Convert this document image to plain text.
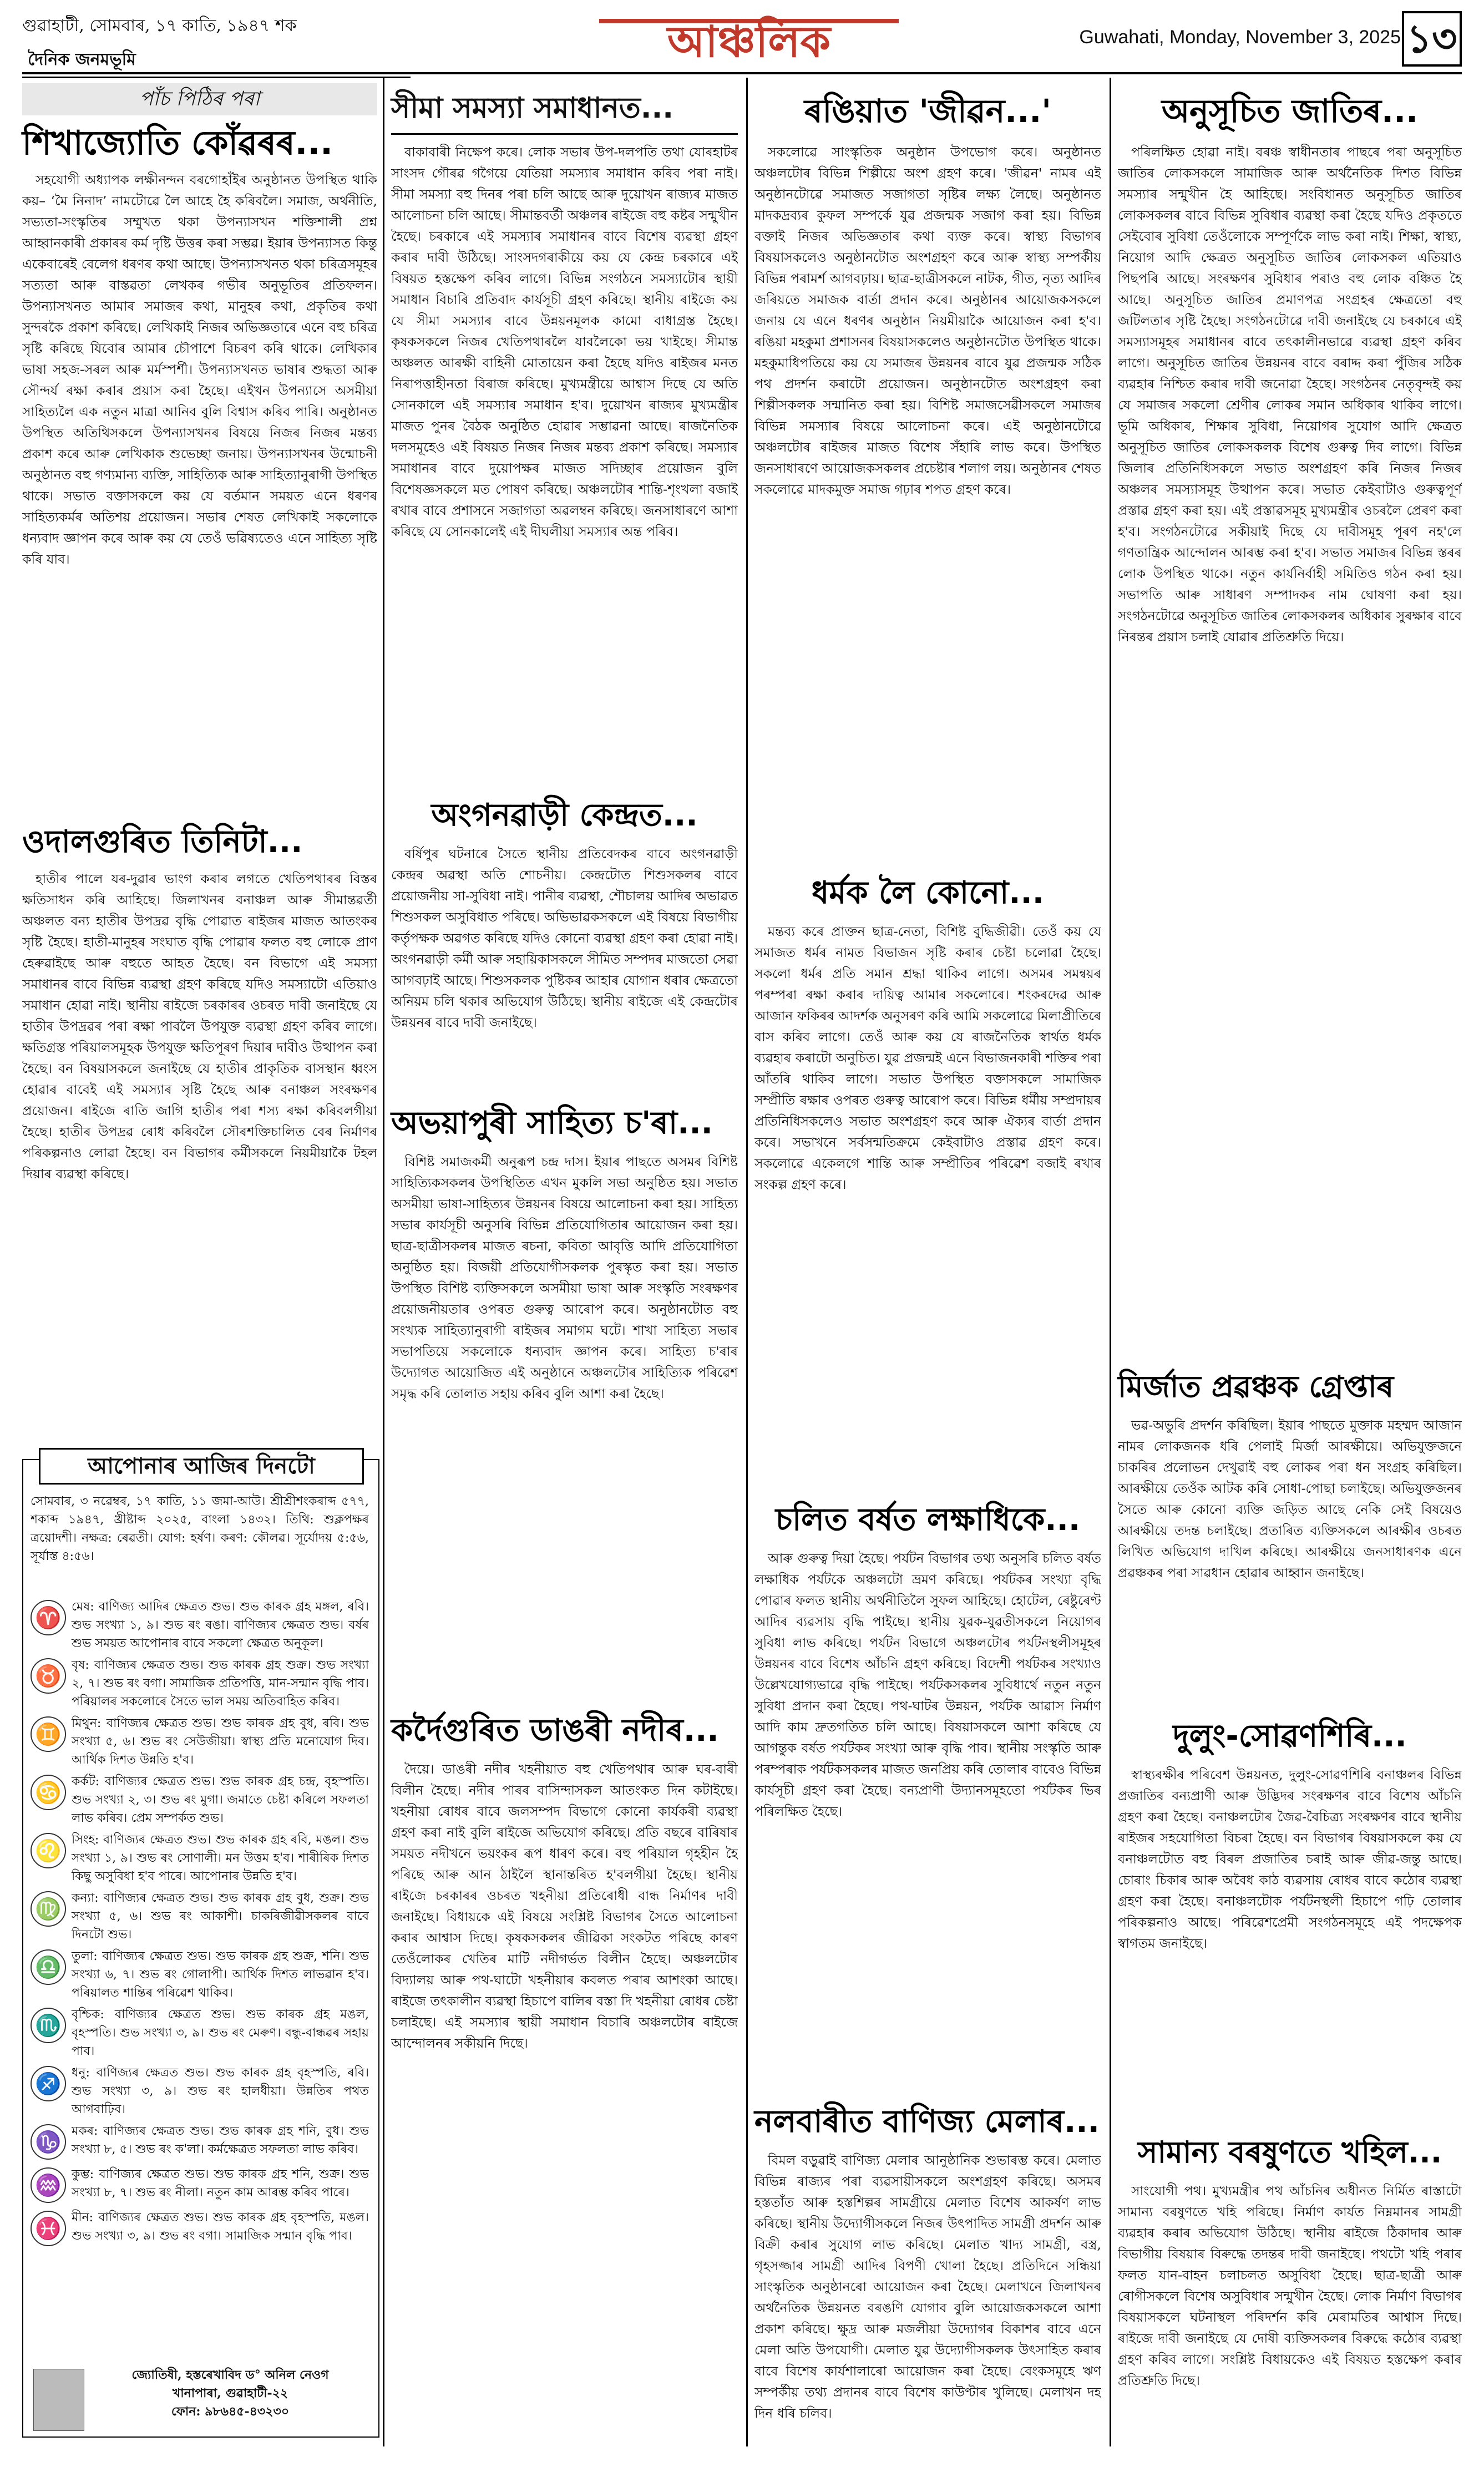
গুৱাহাটী, সোমবাৰ, ১৭ কাতি, ১৯৪৭ শক
দৈনিক জনমভূমি	আঞ্চলিক	Guwahati, Monday, November 3, 2025 ১৩
পাঁচ পিঠিৰ পৰা
শিখাজ্যোতি কোঁৱৰৰ...

সহযোগী অধ্যাপক লক্ষীনন্দন বৰগোহাঁইৰ অনুষ্ঠানত উপস্থিত থাকি কয়– ‘মৈ নিনাদ’ নামটোৱে লৈ আহে হৈ কৰিবলৈ। সমাজ, অৰ্থনীতি, সভ্যতা-সংস্কৃতিৰ সম্মুখত থকা উপন্যাসখন শক্তিশালী প্ৰশ্ন আহ্বানকাৰী প্ৰকাৰৰ কৰ্ম দৃষ্টি উত্তৰ কৰা সম্ভৱ। ইয়াৰ উপন্যাসত কিন্তু একেবাৰেই বেলেগ ধৰণৰ কথা আছে। উপন্যাসখনত থকা চৰিত্ৰসমূহৰ সত্যতা আৰু বাস্তৱতা লেখকৰ গভীৰ অনুভূতিৰ প্ৰতিফলন। উপন্যাসখনত আমাৰ সমাজৰ কথা, মানুহৰ কথা, প্ৰকৃতিৰ কথা সুন্দৰকৈ প্ৰকাশ কৰিছে। লেখিকাই নিজৰ অভিজ্ঞতাৰে এনে বহু চৰিত্ৰ সৃষ্টি কৰিছে যিবোৰ আমাৰ চৌপাশে বিচৰণ কৰি থাকে। লেখিকাৰ ভাষা সহজ-সৰল আৰু মৰ্মস্পৰ্শী। উপন্যাসখনত ভাষাৰ শুদ্ধতা আৰু সৌন্দৰ্য ৰক্ষা কৰাৰ প্ৰয়াস কৰা হৈছে। এইখন উপন্যাসে অসমীয়া সাহিত্যলৈ এক নতুন মাত্ৰা আনিব বুলি বিশ্বাস কৰিব পাৰি। অনুষ্ঠানত উপস্থিত অতিথিসকলে উপন্যাসখনৰ বিষয়ে নিজৰ নিজৰ মন্তব্য প্ৰকাশ কৰে আৰু লেখিকাক শুভেচ্ছা জনায়। উপন্যাসখনৰ উন্মোচনী অনুষ্ঠানত বহু গণ্যমান্য ব্যক্তি, সাহিত্যিক আৰু সাহিত্যানুৰাগী উপস্থিত থাকে। সভাত বক্তাসকলে কয় যে বৰ্তমান সময়ত এনে ধৰণৰ সাহিত্যকৰ্মৰ অতিশয় প্ৰয়োজন। সভাৰ শেষত লেখিকাই সকলোকে ধন্যবাদ জ্ঞাপন কৰে আৰু কয় যে তেওঁ ভৱিষ্যতেও এনে সাহিত্য সৃষ্টি কৰি যাব।

ওদালগুৰিত তিনিটা...

হাতীৰ পালে যৰ-দুৱাৰ ভাংগ কৰাৰ লগতে খেতিপথাৰৰ বিস্তৰ ক্ষতিসাধন কৰি আহিছে। জিলাখনৰ বনাঞ্চল আৰু সীমান্তৱৰ্তী অঞ্চলত বন্য হাতীৰ উপদ্ৰৱ বৃদ্ধি পোৱাত ৰাইজৰ মাজত আতংকৰ সৃষ্টি হৈছে। হাতী-মানুহৰ সংঘাত বৃদ্ধি পোৱাৰ ফলত বহু লোকে প্ৰাণ হেৰুৱাইছে আৰু বহুতে আহত হৈছে। বন বিভাগে এই সমস্যা সমাধানৰ বাবে বিভিন্ন ব্যৱস্থা গ্ৰহণ কৰিছে যদিও সমস্যাটো এতিয়াও সমাধান হোৱা নাই। স্থানীয় ৰাইজে চৰকাৰৰ ওচৰত দাবী জনাইছে যে হাতীৰ উপদ্ৰৱৰ পৰা ৰক্ষা পাবলৈ উপযুক্ত ব্যৱস্থা গ্ৰহণ কৰিব লাগে। ক্ষতিগ্ৰস্ত পৰিয়ালসমূহক উপযুক্ত ক্ষতিপূৰণ দিয়াৰ দাবীও উত্থাপন কৰা হৈছে। বন বিষয়াসকলে জনাইছে যে হাতীৰ প্ৰাকৃতিক বাসস্থান ধ্বংস হোৱাৰ বাবেই এই সমস্যাৰ সৃষ্টি হৈছে আৰু বনাঞ্চল সংৰক্ষণৰ প্ৰয়োজন। ৰাইজে ৰাতি জাগি হাতীৰ পৰা শস্য ৰক্ষা কৰিবলগীয়া হৈছে। হাতীৰ উপদ্ৰৱ ৰোধ কৰিবলৈ সৌৰশক্তিচালিত বেৰ নিৰ্মাণৰ পৰিকল্পনাও লোৱা হৈছে। বন বিভাগৰ কৰ্মীসকলে নিয়মীয়াকৈ টহল দিয়াৰ ব্যৱস্থা কৰিছে।

আপোনাৰ আজিৰ দিনটো

সোমবাৰ, ৩ নৱেম্বৰ, ১৭ কাতি, ১১ জমা-আউ। শ্ৰীশ্ৰীশংকৰাব্দ ৫৭৭, শকাব্দ ১৯৪৭, খ্ৰীষ্টাব্দ ২০২৫, বাংলা ১৪৩২। তিথি: শুক্লপক্ষৰ ত্ৰয়োদশী। নক্ষত্ৰ: ৰেৱতী। যোগ: হৰ্ষণ। কৰণ: কৌলৱ। সূৰ্যোদয় ৫:৫৬, সূৰ্যাস্ত ৪:৫৬।

♈ মেষ: বাণিজ্য আদিৰ ক্ষেত্ৰত শুভ। শুভ কাৰক গ্ৰহ মঙ্গল, ৰবি। শুভ সংখ্যা ১, ৯। শুভ ৰং ৰঙা। বাণিজ্যৰ ক্ষেত্ৰত শুভ। বৰ্ষৰ শুভ সময়ত আপোনাৰ বাবে সকলো ক্ষেত্ৰত অনুকূল।

♉ বৃষ: বাণিজ্যৰ ক্ষেত্ৰত শুভ। শুভ কাৰক গ্ৰহ শুক্ৰ। শুভ সংখ্যা ২, ৭। শুভ ৰং বগা। সামাজিক প্ৰতিপত্তি, মান-সন্মান বৃদ্ধি পাব। পৰিয়ালৰ সকলোৰে সৈতে ভাল সময় অতিবাহিত কৰিব।

♊ মিথুন: বাণিজ্যৰ ক্ষেত্ৰত শুভ। শুভ কাৰক গ্ৰহ বুধ, ৰবি। শুভ সংখ্যা ৫, ৬। শুভ ৰং সেউজীয়া। স্বাস্থ্য প্ৰতি মনোযোগ দিব। আৰ্থিক দিশত উন্নতি হ'ব।

♋ কৰ্কট: বাণিজ্যৰ ক্ষেত্ৰত শুভ। শুভ কাৰক গ্ৰহ চন্দ্ৰ, বৃহস্পতি। শুভ সংখ্যা ২, ৩। শুভ ৰং মুগা। জমাতে চেষ্টা কৰিলে সফলতা লাভ কৰিব। প্ৰেম সম্পৰ্কত শুভ।

♌ সিংহ: বাণিজ্যৰ ক্ষেত্ৰত শুভ। শুভ কাৰক গ্ৰহ ৰবি, মঙল। শুভ সংখ্যা ১, ৯। শুভ ৰং সোণালী। মন উত্তম হ'ব। শাৰীৰিক দিশত কিছু অসুবিধা হ'ব পাৰে। আপোনাৰ উন্নতি হ'ব।

♍ কন্যা: বাণিজ্যৰ ক্ষেত্ৰত শুভ। শুভ কাৰক গ্ৰহ বুধ, শুক্ৰ। শুভ সংখ্যা ৫, ৬। শুভ ৰং আকাশী। চাকৰিজীৱীসকলৰ বাবে দিনটো শুভ।

♎ তুলা: বাণিজ্যৰ ক্ষেত্ৰত শুভ। শুভ কাৰক গ্ৰহ শুক্ৰ, শনি। শুভ সংখ্যা ৬, ৭। শুভ ৰং গোলাপী। আৰ্থিক দিশত লাভৱান হ'ব। পৰিয়ালত শান্তিৰ পৰিৱেশ থাকিব।

♏ বৃশ্চিক: বাণিজ্যৰ ক্ষেত্ৰত শুভ। শুভ কাৰক গ্ৰহ মঙল, বৃহস্পতি। শুভ সংখ্যা ৩, ৯। শুভ ৰং মেৰুণ। বন্ধু-বান্ধৱৰ সহায় পাব।

♐ ধনু: বাণিজ্যৰ ক্ষেত্ৰত শুভ। শুভ কাৰক গ্ৰহ বৃহস্পতি, ৰবি। শুভ সংখ্যা ৩, ৯। শুভ ৰং হালধীয়া। উন্নতিৰ পথত আগবাঢ়িব।

♑ মকৰ: বাণিজ্যৰ ক্ষেত্ৰত শুভ। শুভ কাৰক গ্ৰহ শনি, বুধ। শুভ সংখ্যা ৮, ৫। শুভ ৰং ক'লা। কৰ্মক্ষেত্ৰত সফলতা লাভ কৰিব।

♒ কুম্ভ: বাণিজ্যৰ ক্ষেত্ৰত শুভ। শুভ কাৰক গ্ৰহ শনি, শুক্ৰ। শুভ সংখ্যা ৮, ৭। শুভ ৰং নীলা। নতুন কাম আৰম্ভ কৰিব পাৰে।

♓ মীন: বাণিজ্যৰ ক্ষেত্ৰত শুভ। শুভ কাৰক গ্ৰহ বৃহস্পতি, মঙল। শুভ সংখ্যা ৩, ৯। শুভ ৰং বগা। সামাজিক সন্মান বৃদ্ধি পাব।

জ্যোতিষী, হস্তৰেখাবিদ ড° অনিল নেওগ
খানাপাৰা, গুৱাহাটী-২২
ফোন: ৯৮৬৪৫-৪৩২৩০
সীমা সমস্যা সমাধানত...

বাকাবাৰী নিক্ষেপ কৰে। লোক সভাৰ উপ-দলপতি তথা যোৰহাটৰ সাংসদ গৌৰৱ গগৈয়ে যেতিয়া সমস্যাৰ সমাধান কৰিব পৰা নাই। সীমা সমস্যা বহু দিনৰ পৰা চলি আছে আৰু দুয়োখন ৰাজ্যৰ মাজত আলোচনা চলি আছে। সীমান্তবৰ্তী অঞ্চলৰ ৰাইজে বহু কষ্টৰ সন্মুখীন হৈছে। চৰকাৰে এই সমস্যাৰ সমাধানৰ বাবে বিশেষ ব্যৱস্থা গ্ৰহণ কৰাৰ দাবী উঠিছে। সাংসদগৰাকীয়ে কয় যে কেন্দ্ৰ চৰকাৰে এই বিষয়ত হস্তক্ষেপ কৰিব লাগে। বিভিন্ন সংগঠনে সমস্যাটোৰ স্থায়ী সমাধান বিচাৰি প্ৰতিবাদ কাৰ্যসূচী গ্ৰহণ কৰিছে। স্থানীয় ৰাইজে কয় যে সীমা সমস্যাৰ বাবে উন্নয়নমূলক কামো বাধাগ্ৰস্ত হৈছে। কৃষকসকলে নিজৰ খেতিপথাৰলৈ যাবলৈকো ভয় খাইছে। সীমান্ত অঞ্চলত আৰক্ষী বাহিনী মোতায়েন কৰা হৈছে যদিও ৰাইজৰ মনত নিৰাপত্তাহীনতা বিৰাজ কৰিছে। মুখ্যমন্ত্ৰীয়ে আশ্বাস দিছে যে অতি সোনকালে এই সমস্যাৰ সমাধান হ'ব। দুয়োখন ৰাজ্যৰ মুখ্যমন্ত্ৰীৰ মাজত পুনৰ বৈঠক অনুষ্ঠিত হোৱাৰ সম্ভাৱনা আছে। ৰাজনৈতিক দলসমূহেও এই বিষয়ত নিজৰ নিজৰ মন্তব্য প্ৰকাশ কৰিছে। সমস্যাৰ সমাধানৰ বাবে দুয়োপক্ষৰ মাজত সদিচ্ছাৰ প্ৰয়োজন বুলি বিশেষজ্ঞসকলে মত পোষণ কৰিছে। অঞ্চলটোৰ শান্তি-শৃংখলা বজাই ৰখাৰ বাবে প্ৰশাসনে সজাগতা অৱলম্বন কৰিছে। জনসাধাৰণে আশা কৰিছে যে সোনকালেই এই দীঘলীয়া সমস্যাৰ অন্ত পৰিব।

অংগনৱাড়ী কেন্দ্ৰত...

বৰ্ষিপুৰ ঘটনাৰে সৈতে স্থানীয় প্ৰতিবেদকৰ বাবে অংগনৱাড়ী কেন্দ্ৰৰ অৱস্থা অতি শোচনীয়। কেন্দ্ৰটোত শিশুসকলৰ বাবে প্ৰয়োজনীয় সা-সুবিধা নাই। পানীৰ ব্যৱস্থা, শৌচালয় আদিৰ অভাৱত শিশুসকল অসুবিধাত পৰিছে। অভিভাৱকসকলে এই বিষয়ে বিভাগীয় কৰ্তৃপক্ষক অৱগত কৰিছে যদিও কোনো ব্যৱস্থা গ্ৰহণ কৰা হোৱা নাই। অংগনৱাড়ী কৰ্মী আৰু সহায়িকাসকলে সীমিত সম্পদৰ মাজতো সেৱা আগবঢ়াই আছে। শিশুসকলক পুষ্টিকৰ আহাৰ যোগান ধৰাৰ ক্ষেত্ৰতো অনিয়ম চলি থকাৰ অভিযোগ উঠিছে। স্থানীয় ৰাইজে এই কেন্দ্ৰটোৰ উন্নয়নৰ বাবে দাবী জনাইছে।

অভয়াপুৰী সাহিত্য চ'ৰা...

বিশিষ্ট সমাজকৰ্মী অনুৰূপ চন্দ্ৰ দাস। ইয়াৰ পাছতে অসমৰ বিশিষ্ট সাহিত্যিকসকলৰ উপস্থিতিত এখন মুকলি সভা অনুষ্ঠিত হয়। সভাত অসমীয়া ভাষা-সাহিত্যৰ উন্নয়নৰ বিষয়ে আলোচনা কৰা হয়। সাহিত্য সভাৰ কাৰ্যসূচী অনুসৰি বিভিন্ন প্ৰতিযোগিতাৰ আয়োজন কৰা হয়। ছাত্ৰ-ছাত্ৰীসকলৰ মাজত ৰচনা, কবিতা আবৃত্তি আদি প্ৰতিযোগিতা অনুষ্ঠিত হয়। বিজয়ী প্ৰতিযোগীসকলক পুৰস্কৃত কৰা হয়। সভাত উপস্থিত বিশিষ্ট ব্যক্তিসকলে অসমীয়া ভাষা আৰু সংস্কৃতি সংৰক্ষণৰ প্ৰয়োজনীয়তাৰ ওপৰত গুৰুত্ব আৰোপ কৰে। অনুষ্ঠানটোত বহু সংখ্যক সাহিত্যানুৰাগী ৰাইজৰ সমাগম ঘটে। শাখা সাহিত্য সভাৰ সভাপতিয়ে সকলোকে ধন্যবাদ জ্ঞাপন কৰে। সাহিত্য চ'ৰাৰ উদ্যোগত আয়োজিত এই অনুষ্ঠানে অঞ্চলটোৰ সাহিত্যিক পৰিৱেশ সমৃদ্ধ কৰি তোলাত সহায় কৰিব বুলি আশা কৰা হৈছে।

কৰ্দৈগুৰিত ডাঙৰী নদীৰ...

দৈয়ে। ডাঙৰী নদীৰ খহনীয়াত বহু খেতিপথাৰ আৰু ঘৰ-বাৰী বিলীন হৈছে। নদীৰ পাৰৰ বাসিন্দাসকল আতংকত দিন কটাইছে। খহনীয়া ৰোধৰ বাবে জলসম্পদ বিভাগে কোনো কাৰ্যকৰী ব্যৱস্থা গ্ৰহণ কৰা নাই বুলি ৰাইজে অভিযোগ কৰিছে। প্ৰতি বছৰে বাৰিষাৰ সময়ত নদীখনে ভয়ংকৰ ৰূপ ধাৰণ কৰে। বহু পৰিয়াল গৃহহীন হৈ পৰিছে আৰু আন ঠাইলৈ স্থানান্তৰিত হ'বলগীয়া হৈছে। স্থানীয় ৰাইজে চৰকাৰৰ ওচৰত খহনীয়া প্ৰতিৰোধী বান্ধ নিৰ্মাণৰ দাবী জনাইছে। বিধায়কে এই বিষয়ে সংশ্লিষ্ট বিভাগৰ সৈতে আলোচনা কৰাৰ আশ্বাস দিছে। কৃষকসকলৰ জীৱিকা সংকটত পৰিছে কাৰণ তেওঁলোকৰ খেতিৰ মাটি নদীগৰ্ভত বিলীন হৈছে। অঞ্চলটোৰ বিদ্যালয় আৰু পথ-ঘাটো খহনীয়াৰ কবলত পৰাৰ আশংকা আছে। ৰাইজে তৎকালীন ব্যৱস্থা হিচাপে বালিৰ বস্তা দি খহনীয়া ৰোধৰ চেষ্টা চলাইছে। এই সমস্যাৰ স্থায়ী সমাধান বিচাৰি অঞ্চলটোৰ ৰাইজে আন্দোলনৰ সকীয়নি দিছে।

ৰঙিয়াত 'জীৱন...'

সকলোৱে সাংস্কৃতিক অনুষ্ঠান উপভোগ কৰে। অনুষ্ঠানত অঞ্চলটোৰ বিভিন্ন শিল্পীয়ে অংশ গ্ৰহণ কৰে। 'জীৱন' নামৰ এই অনুষ্ঠানটোৱে সমাজত সজাগতা সৃষ্টিৰ লক্ষ্য লৈছে। অনুষ্ঠানত মাদকদ্ৰব্যৰ কুফল সম্পৰ্কে যুৱ প্ৰজন্মক সজাগ কৰা হয়। বিভিন্ন বক্তাই নিজৰ অভিজ্ঞতাৰ কথা ব্যক্ত কৰে। স্বাস্থ্য বিভাগৰ বিষয়াসকলেও অনুষ্ঠানটোত অংশগ্ৰহণ কৰে আৰু স্বাস্থ্য সম্পৰ্কীয় বিভিন্ন পৰামৰ্শ আগবঢ়ায়। ছাত্ৰ-ছাত্ৰীসকলে নাটক, গীত, নৃত্য আদিৰ জৰিয়তে সমাজক বাৰ্তা প্ৰদান কৰে। অনুষ্ঠানৰ আয়োজকসকলে জনায় যে এনে ধৰণৰ অনুষ্ঠান নিয়মীয়াকৈ আয়োজন কৰা হ'ব। ৰঙিয়া মহকুমা প্ৰশাসনৰ বিষয়াসকলেও অনুষ্ঠানটোত উপস্থিত থাকে। মহকুমাধিপতিয়ে কয় যে সমাজৰ উন্নয়নৰ বাবে যুৱ প্ৰজন্মক সঠিক পথ প্ৰদৰ্শন কৰাটো প্ৰয়োজন। অনুষ্ঠানটোত অংশগ্ৰহণ কৰা শিল্পীসকলক সন্মানিত কৰা হয়। বিশিষ্ট সমাজসেৱীসকলে সমাজৰ বিভিন্ন সমস্যাৰ বিষয়ে আলোচনা কৰে। এই অনুষ্ঠানটোৱে অঞ্চলটোৰ ৰাইজৰ মাজত বিশেষ সঁহাৰি লাভ কৰে। উপস্থিত জনসাধাৰণে আয়োজকসকলৰ প্ৰচেষ্টাৰ শলাগ লয়। অনুষ্ঠানৰ শেষত সকলোৱে মাদকমুক্ত সমাজ গঢ়াৰ শপত গ্ৰহণ কৰে।

ধৰ্মক লৈ কোনো...

মন্তব্য কৰে প্ৰাক্তন ছাত্ৰ-নেতা, বিশিষ্ট বুদ্ধিজীৱী। তেওঁ কয় যে সমাজত ধৰ্মৰ নামত বিভাজন সৃষ্টি কৰাৰ চেষ্টা চলোৱা হৈছে। সকলো ধৰ্মৰ প্ৰতি সমান শ্ৰদ্ধা থাকিব লাগে। অসমৰ সমন্বয়ৰ পৰম্পৰা ৰক্ষা কৰাৰ দায়িত্ব আমাৰ সকলোৰে। শংকৰদেৱ আৰু আজান ফকিৰৰ আদৰ্শক অনুসৰণ কৰি আমি সকলোৱে মিলাপ্ৰীতিৰে বাস কৰিব লাগে। তেওঁ আৰু কয় যে ৰাজনৈতিক স্বাৰ্থত ধৰ্মক ব্যৱহাৰ কৰাটো অনুচিত। যুৱ প্ৰজন্মই এনে বিভাজনকাৰী শক্তিৰ পৰা আঁতৰি থাকিব লাগে। সভাত উপস্থিত বক্তাসকলে সামাজিক সম্প্ৰীতি ৰক্ষাৰ ওপৰত গুৰুত্ব আৰোপ কৰে। বিভিন্ন ধৰ্মীয় সম্প্ৰদায়ৰ প্ৰতিনিধিসকলেও সভাত অংশগ্ৰহণ কৰে আৰু ঐক্যৰ বাৰ্তা প্ৰদান কৰে। সভাখনে সৰ্বসন্মতিক্ৰমে কেইবাটাও প্ৰস্তাৱ গ্ৰহণ কৰে। সকলোৱে একেলগে শান্তি আৰু সম্প্ৰীতিৰ পৰিৱেশ বজাই ৰখাৰ সংকল্প গ্ৰহণ কৰে।

চলিত বৰ্ষত লক্ষাধিকে...

আৰু গুৰুত্ব দিয়া হৈছে। পৰ্যটন বিভাগৰ তথ্য অনুসৰি চলিত বৰ্ষত লক্ষাধিক পৰ্যটকে অঞ্চলটো ভ্ৰমণ কৰিছে। পৰ্যটকৰ সংখ্যা বৃদ্ধি পোৱাৰ ফলত স্থানীয় অৰ্থনীতিলৈ সুফল আহিছে। হোটেল, ৰেষ্টুৰেণ্ট আদিৰ ব্যৱসায় বৃদ্ধি পাইছে। স্থানীয় যুৱক-যুৱতীসকলে নিয়োগৰ সুবিধা লাভ কৰিছে। পৰ্যটন বিভাগে অঞ্চলটোৰ পৰ্যটনস্থলীসমূহৰ উন্নয়নৰ বাবে বিশেষ আঁচনি গ্ৰহণ কৰিছে। বিদেশী পৰ্যটকৰ সংখ্যাও উল্লেখযোগ্যভাৱে বৃদ্ধি পাইছে। পৰ্যটকসকলৰ সুবিধাৰ্থে নতুন নতুন সুবিধা প্ৰদান কৰা হৈছে। পথ-ঘাটৰ উন্নয়ন, পৰ্যটক আৱাস নিৰ্মাণ আদি কাম দ্ৰুতগতিত চলি আছে। বিষয়াসকলে আশা কৰিছে যে আগন্তুক বৰ্ষত পৰ্যটকৰ সংখ্যা আৰু বৃদ্ধি পাব। স্থানীয় সংস্কৃতি আৰু পৰম্পৰাক পৰ্যটকসকলৰ মাজত জনপ্ৰিয় কৰি তোলাৰ বাবেও বিভিন্ন কাৰ্যসূচী গ্ৰহণ কৰা হৈছে। বন্যপ্ৰাণী উদ্যানসমূহতো পৰ্যটকৰ ভিৰ পৰিলক্ষিত হৈছে।

নলবাৰীত বাণিজ্য মেলাৰ...

বিমল বড়ুৱাই বাণিজ্য মেলাৰ আনুষ্ঠানিক শুভাৰম্ভ কৰে। মেলাত বিভিন্ন ৰাজ্যৰ পৰা ব্যৱসায়ীসকলে অংশগ্ৰহণ কৰিছে। অসমৰ হস্ততাঁত আৰু হস্তশিল্পৰ সামগ্ৰীয়ে মেলাত বিশেষ আকৰ্ষণ লাভ কৰিছে। স্থানীয় উদ্যোগীসকলে নিজৰ উৎপাদিত সামগ্ৰী প্ৰদৰ্শন আৰু বিক্ৰী কৰাৰ সুযোগ লাভ কৰিছে। মেলাত খাদ্য সামগ্ৰী, বস্ত্ৰ, গৃহসজ্জাৰ সামগ্ৰী আদিৰ বিপণী খোলা হৈছে। প্ৰতিদিনে সন্ধিয়া সাংস্কৃতিক অনুষ্ঠানৰো আয়োজন কৰা হৈছে। মেলাখনে জিলাখনৰ অৰ্থনৈতিক উন্নয়নত বৰঙণি যোগাব বুলি আয়োজকসকলে আশা প্ৰকাশ কৰিছে। ক্ষুদ্ৰ আৰু মজলীয়া উদ্যোগৰ বিকাশৰ বাবে এনে মেলা অতি উপযোগী। মেলাত যুৱ উদ্যোগীসকলক উৎসাহিত কৰাৰ বাবে বিশেষ কাৰ্যশালাৰো আয়োজন কৰা হৈছে। বেংকসমূহে ঋণ সম্পৰ্কীয় তথ্য প্ৰদানৰ বাবে বিশেষ কাউণ্টাৰ খুলিছে। মেলাখন দহ দিন ধৰি চলিব।

অনুসূচিত জাতিৰ...

পৰিলক্ষিত হোৱা নাই। বৰঞ্চ স্বাধীনতাৰ পাছৰে পৰা অনুসূচিত জাতিৰ লোকসকলে সামাজিক আৰু অৰ্থনৈতিক দিশত বিভিন্ন সমস্যাৰ সন্মুখীন হৈ আহিছে। সংবিধানত অনুসূচিত জাতিৰ লোকসকলৰ বাবে বিভিন্ন সুবিধাৰ ব্যৱস্থা কৰা হৈছে যদিও প্ৰকৃততে সেইবোৰ সুবিধা তেওঁলোকে সম্পূৰ্ণকৈ লাভ কৰা নাই। শিক্ষা, স্বাস্থ্য, নিয়োগ আদি ক্ষেত্ৰত অনুসূচিত জাতিৰ লোকসকল এতিয়াও পিছপৰি আছে। সংৰক্ষণৰ সুবিধাৰ পৰাও বহু লোক বঞ্চিত হৈ আছে। অনুসূচিত জাতিৰ প্ৰমাণপত্ৰ সংগ্ৰহৰ ক্ষেত্ৰতো বহু জটিলতাৰ সৃষ্টি হৈছে। সংগঠনটোৱে দাবী জনাইছে যে চৰকাৰে এই সমস্যাসমূহৰ সমাধানৰ বাবে তৎকালীনভাৱে ব্যৱস্থা গ্ৰহণ কৰিব লাগে। অনুসূচিত জাতিৰ উন্নয়নৰ বাবে বৰাদ্দ কৰা পুঁজিৰ সঠিক ব্যৱহাৰ নিশ্চিত কৰাৰ দাবী জনোৱা হৈছে। সংগঠনৰ নেতৃবৃন্দই কয় যে সমাজৰ সকলো শ্ৰেণীৰ লোকৰ সমান অধিকাৰ থাকিব লাগে। ভূমি অধিকাৰ, শিক্ষাৰ সুবিধা, নিয়োগৰ সুযোগ আদি ক্ষেত্ৰত অনুসূচিত জাতিৰ লোকসকলক বিশেষ গুৰুত্ব দিব লাগে। বিভিন্ন জিলাৰ প্ৰতিনিধিসকলে সভাত অংশগ্ৰহণ কৰি নিজৰ নিজৰ অঞ্চলৰ সমস্যাসমূহ উত্থাপন কৰে। সভাত কেইবাটাও গুৰুত্বপূৰ্ণ প্ৰস্তাৱ গ্ৰহণ কৰা হয়। এই প্ৰস্তাৱসমূহ মুখ্যমন্ত্ৰীৰ ওচৰলৈ প্ৰেৰণ কৰা হ'ব। সংগঠনটোৱে সকীয়াই দিছে যে দাবীসমূহ পূৰণ নহ'লে গণতান্ত্ৰিক আন্দোলন আৰম্ভ কৰা হ'ব। সভাত সমাজৰ বিভিন্ন স্তৰৰ লোক উপস্থিত থাকে। নতুন কাৰ্যনিৰ্বাহী সমিতিও গঠন কৰা হয়। সভাপতি আৰু সাধাৰণ সম্পাদকৰ নাম ঘোষণা কৰা হয়। সংগঠনটোৱে অনুসূচিত জাতিৰ লোকসকলৰ অধিকাৰ সুৰক্ষাৰ বাবে নিৰন্তৰ প্ৰয়াস চলাই যোৱাৰ প্ৰতিশ্ৰুতি দিয়ে।

মিৰ্জাত প্ৰৱঞ্চক গ্ৰেপ্তাৰ

ভৱ-অভুৰি প্ৰদৰ্শন কৰিছিল। ইয়াৰ পাছতে মুক্তাক মহম্মদ আজান নামৰ লোকজনক ধৰি পেলাই মিৰ্জা আৰক্ষীয়ে। অভিযুক্তজনে চাকৰিৰ প্ৰলোভন দেখুৱাই বহু লোকৰ পৰা ধন সংগ্ৰহ কৰিছিল। আৰক্ষীয়ে তেওঁক আটক কৰি সোধা-পোছা চলাইছে। অভিযুক্তজনৰ সৈতে আৰু কোনো ব্যক্তি জড়িত আছে নেকি সেই বিষয়েও আৰক্ষীয়ে তদন্ত চলাইছে। প্ৰতাৰিত ব্যক্তিসকলে আৰক্ষীৰ ওচৰত লিখিত অভিযোগ দাখিল কৰিছে। আৰক্ষীয়ে জনসাধাৰণক এনে প্ৰৱঞ্চকৰ পৰা সাৱধান হোৱাৰ আহ্বান জনাইছে।

দুলুং-সোৱণশিৰি...

স্বাস্থ্যৰক্ষীৰ পৰিবেশ উন্নয়নত, দুলুং-সোৱণশিৰি বনাঞ্চলৰ বিভিন্ন প্ৰজাতিৰ বন্যপ্ৰাণী আৰু উদ্ভিদৰ সংৰক্ষণৰ বাবে বিশেষ আঁচনি গ্ৰহণ কৰা হৈছে। বনাঞ্চলটোৰ জৈৱ-বৈচিত্ৰ্য সংৰক্ষণৰ বাবে স্থানীয় ৰাইজৰ সহযোগিতা বিচৰা হৈছে। বন বিভাগৰ বিষয়াসকলে কয় যে বনাঞ্চলটোত বহু বিৰল প্ৰজাতিৰ চৰাই আৰু জীৱ-জন্তু আছে। চোৰাং চিকাৰ আৰু অবৈধ কাঠ ব্যৱসায় ৰোধৰ বাবে কঠোৰ ব্যৱস্থা গ্ৰহণ কৰা হৈছে। বনাঞ্চলটোক পৰ্যটনস্থলী হিচাপে গঢ়ি তোলাৰ পৰিকল্পনাও আছে। পৰিৱেশপ্ৰেমী সংগঠনসমূহে এই পদক্ষেপক স্বাগতম জনাইছে।

সামান্য বৰষুণতে খহিল...

সাংযোগী পথ। মুখ্যমন্ত্ৰীৰ পথ আঁচনিৰ অধীনত নিৰ্মিত ৰাস্তাটো সামান্য বৰষুণতে খহি পৰিছে। নিৰ্মাণ কাৰ্যত নিম্নমানৰ সামগ্ৰী ব্যৱহাৰ কৰাৰ অভিযোগ উঠিছে। স্থানীয় ৰাইজে ঠিকাদাৰ আৰু বিভাগীয় বিষয়াৰ বিৰুদ্ধে তদন্তৰ দাবী জনাইছে। পথটো খহি পৰাৰ ফলত যান-বাহন চলাচলত অসুবিধা হৈছে। ছাত্ৰ-ছাত্ৰী আৰু ৰোগীসকলে বিশেষ অসুবিধাৰ সন্মুখীন হৈছে। লোক নিৰ্মাণ বিভাগৰ বিষয়াসকলে ঘটনাস্থল পৰিদৰ্শন কৰি মেৰামতিৰ আশ্বাস দিছে। ৰাইজে দাবী জনাইছে যে দোষী ব্যক্তিসকলৰ বিৰুদ্ধে কঠোৰ ব্যৱস্থা গ্ৰহণ কৰিব লাগে। সংশ্লিষ্ট বিধায়কেও এই বিষয়ত হস্তক্ষেপ কৰাৰ প্ৰতিশ্ৰুতি দিছে।
